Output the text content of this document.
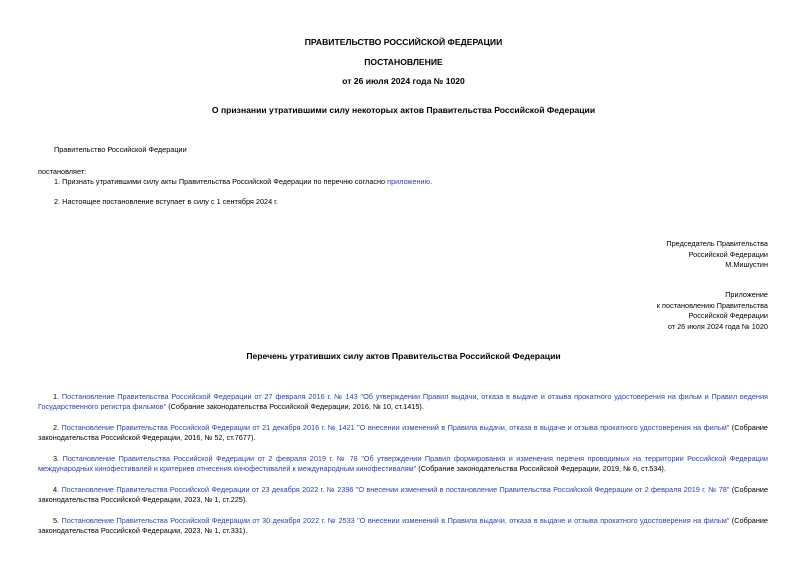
ПРАВИТЕЛЬСТВО РОССИЙСКОЙ ФЕДЕРАЦИИ
ПОСТАНОВЛЕНИЕ
от 26 июля 2024 года № 1020
О признании утратившими силу некоторых актов Правительства Российской Федерации
Правительство Российской Федерации
постановляет:
1. Признать утратившими силу акты Правительства Российской Федерации по перечню согласно приложению.
2. Настоящее постановление вступает в силу с 1 сентября 2024 г.
Председатель Правительства
Российской Федерации
М.Мишустин
Приложение
к постановлению Правительства
Российской Федерации
от 26 июля 2024 года № 1020
Перечень утративших силу актов Правительства Российской Федерации
1. Постановление Правительства Российской Федерации от 27 февраля 2016 г. № 143 "Об утверждении Правил выдачи, отказа в выдаче и отзыва прокатного удостоверения на фильм и Правил ведения Государственного регистра фильмов" (Собрание законодательства Российской Федерации, 2016, № 10, ст.1415).
2. Постановление Правительства Российской Федерации от 21 декабря 2016 г. № 1421 "О внесении изменений в Правила выдачи, отказа в выдаче и отзыва прокатного удостоверения на фильм" (Собрание законодательства Российской Федерации, 2016, № 52, ст.7677).
3. Постановление Правительства Российской Федерации от 2 февраля 2019 г. № 78 "Об утверждении Правил формирования и изменения перечня проводимых на территории Российской Федерации международных кинофестивалей и критериев отнесения кинофестивалей к международным кинофестивалям" (Собрание законодательства Российской Федерации, 2019, № 6, ст.534).
4. Постановление Правительства Российской Федерации от 23 декабря 2022 г. № 2396 "О внесении изменений в постановление Правительства Российской Федерации от 2 февраля 2019 г. № 78" (Собрание законодательства Российской Федерации, 2023, № 1, ст.225).
5. Постановление Правительства Российской Федерации от 30 декабря 2022 г. № 2533 "О внесении изменений в Правила выдачи, отказа в выдаче и отзыва прокатного удостоверения на фильм" (Собрание законодательства Российской Федерации, 2023, № 1, ст.331).
